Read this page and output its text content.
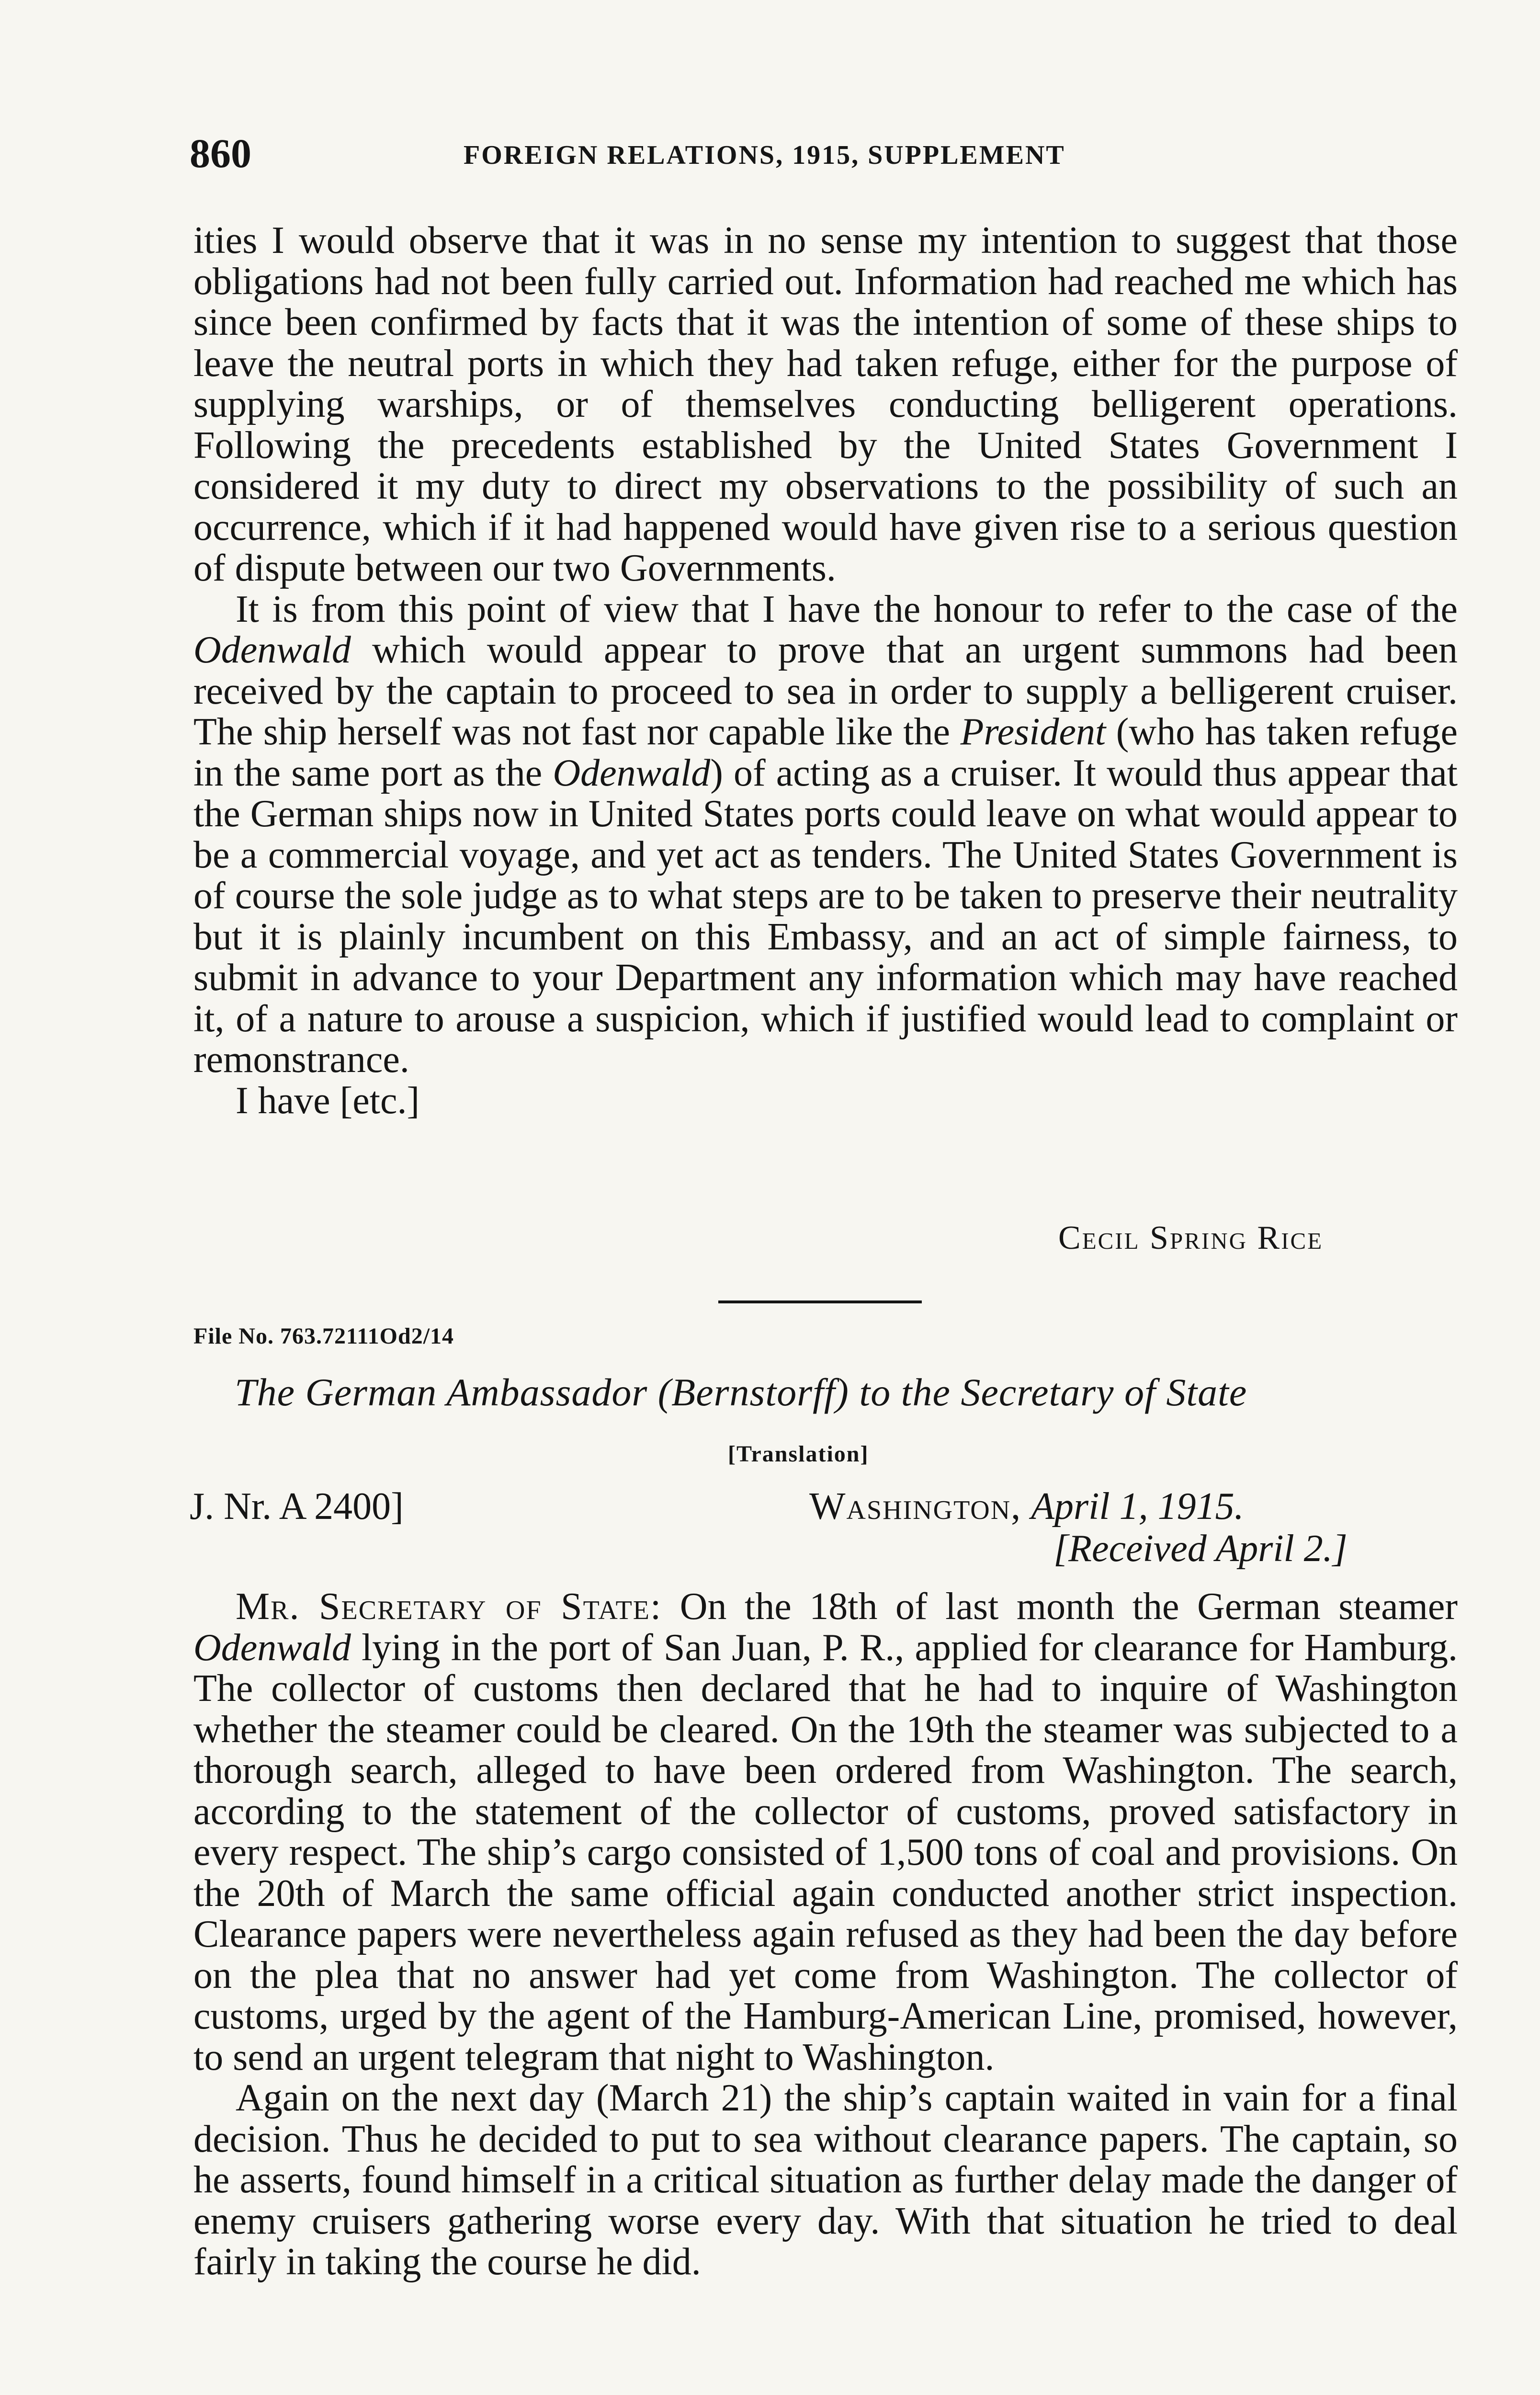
860	FOREIGN RELATIONS, 1915, SUPPLEMENT

ities I would observe that it was in no sense my intention to suggest that those obligations had not been fully carried out. Information had reached me which has since been confirmed by facts that it was the intention of some of these ships to leave the neutral ports in which they had taken refuge, either for the purpose of supplying warships, or of themselves conducting belligerent operations. Following the precedents established by the United States Government I considered it my duty to direct my observations to the possibility of such an occurrence, which if it had happened would have given rise to a serious question of dispute between our two Governments.

It is from this point of view that I have the honour to refer to the case of the Odenwald which would appear to prove that an urgent summons had been received by the captain to proceed to sea in order to supply a belligerent cruiser. The ship herself was not fast nor capable like the President (who has taken refuge in the same port as the Odenwald) of acting as a cruiser. It would thus appear that the German ships now in United States ports could leave on what would appear to be a commercial voyage, and yet act as tenders. The United States Government is of course the sole judge as to what steps are to be taken to preserve their neutrality but it is plainly incumbent on this Embassy, and an act of simple fairness, to submit in advance to your Department any information which may have reached it, of a nature to arouse a suspicion, which if justified would lead to complaint or remonstrance.

I have [etc.]

Cecil Spring Rice
File No. 763.72111Od2/14
The German Ambassador (Bernstorff) to the Secretary of State
[Translation]
J. Nr. A 2400]	Washington, April 1, 1915.
[Received April 2.]

Mr. Secretary of State: On the 18th of last month the German steamer Odenwald lying in the port of San Juan, P. R., applied for clearance for Hamburg. The collector of customs then declared that he had to inquire of Washington whether the steamer could be cleared. On the 19th the steamer was subjected to a thorough search, alleged to have been ordered from Washington. The search, according to the statement of the collector of customs, proved satisfactory in every respect. The ship’s cargo consisted of 1,500 tons of coal and provisions. On the 20th of March the same official again conducted another strict inspection. Clearance papers were nevertheless again refused as they had been the day before on the plea that no answer had yet come from Washington. The collector of customs, urged by the agent of the Hamburg-American Line, promised, however, to send an urgent telegram that night to Washington.

Again on the next day (March 21) the ship’s captain waited in vain for a final decision. Thus he decided to put to sea without clearance papers. The captain, so he asserts, found himself in a critical situation as further delay made the danger of enemy cruisers gathering worse every day. With that situation he tried to deal fairly in taking the course he did.
